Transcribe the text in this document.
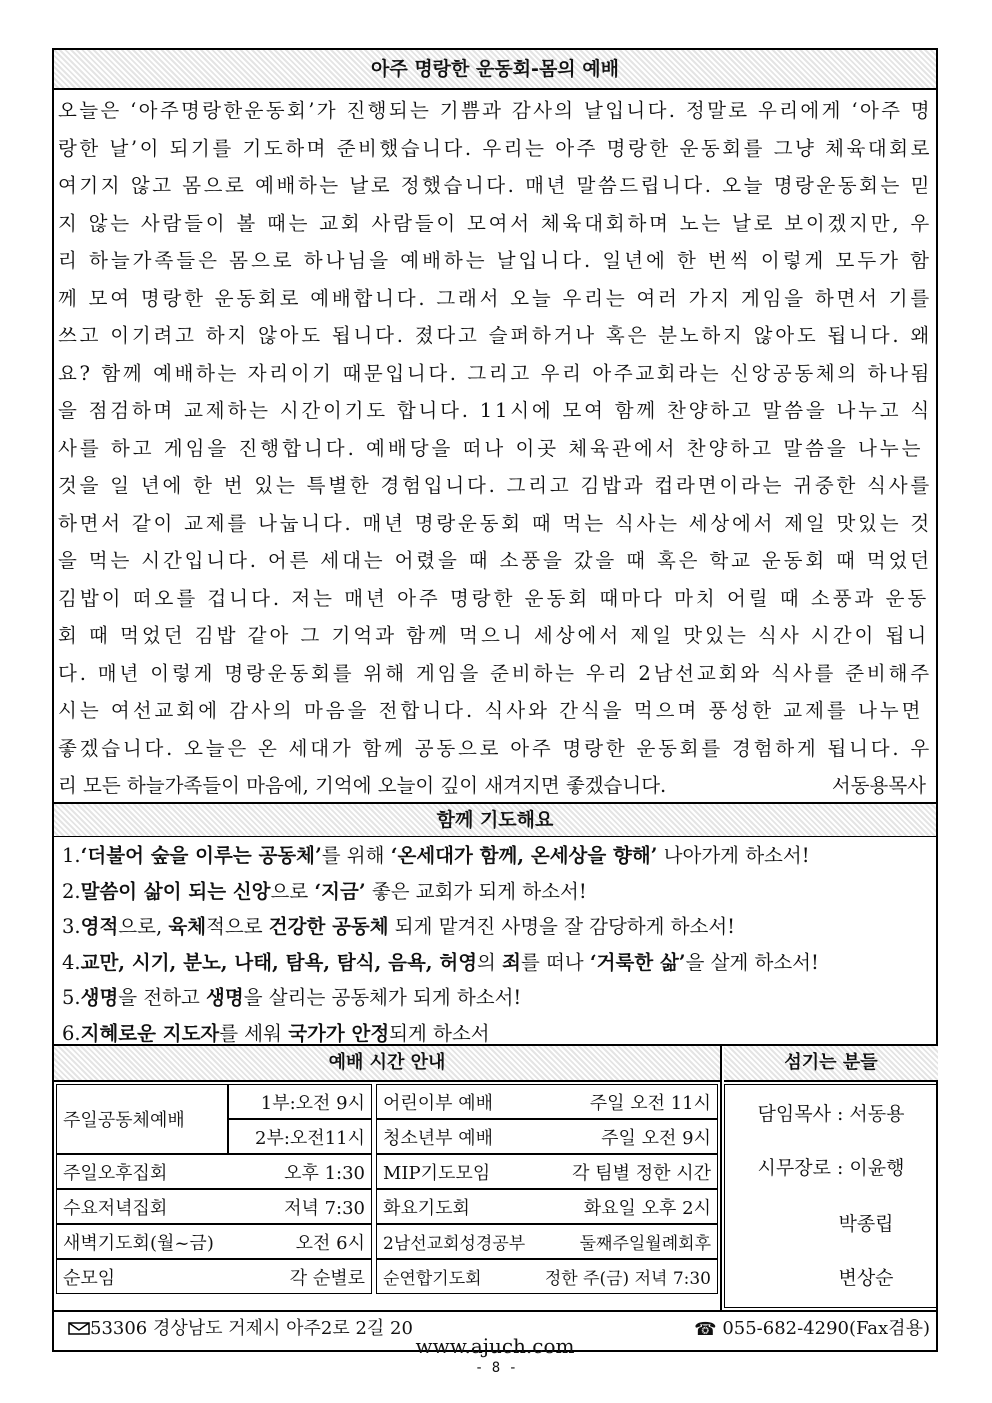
아주 명랑한 운동회-몸의 예배
오늘은 ‘아주명랑한운동회’가 진행되는 기쁨과 감사의 날입니다. 정말로 우리에게 ‘아주 명
랑한 날’이 되기를 기도하며 준비했습니다. 우리는 아주 명랑한 운동회를 그냥 체육대회로
여기지 않고 몸으로 예배하는 날로 정했습니다. 매년 말씀드립니다. 오늘 명랑운동회는 믿
지 않는 사람들이 볼 때는 교회 사람들이 모여서 체육대회하며 노는 날로 보이겠지만, 우
리 하늘가족들은 몸으로 하나님을 예배하는 날입니다. 일년에 한 번씩 이렇게 모두가 함
께 모여 명랑한 운동회로 예배합니다. 그래서 오늘 우리는 여러 가지 게임을 하면서 기를
쓰고 이기려고 하지 않아도 됩니다. 졌다고 슬퍼하거나 혹은 분노하지 않아도 됩니다. 왜
요? 함께 예배하는 자리이기 때문입니다. 그리고 우리 아주교회라는 신앙공동체의 하나됨
을 점검하며 교제하는 시간이기도 합니다. 11시에 모여 함께 찬양하고 말씀을 나누고 식
사를 하고 게임을 진행합니다. 예배당을 떠나 이곳 체육관에서 찬양하고 말씀을 나누는
것을 일 년에 한 번 있는 특별한 경험입니다. 그리고 김밥과 컵라면이라는 귀중한 식사를
하면서 같이 교제를 나눕니다. 매년 명랑운동회 때 먹는 식사는 세상에서 제일 맛있는 것
을 먹는 시간입니다. 어른 세대는 어렸을 때 소풍을 갔을 때 혹은 학교 운동회 때 먹었던
김밥이 떠오를 겁니다. 저는 매년 아주 명랑한 운동회 때마다 마치 어릴 때 소풍과 운동
회 때 먹었던 김밥 같아 그 기억과 함께 먹으니 세상에서 제일 맛있는 식사 시간이 됩니
다. 매년 이렇게 명랑운동회를 위해 게임을 준비하는 우리 2남선교회와 식사를 준비해주
시는 여선교회에 감사의 마음을 전합니다. 식사와 간식을 먹으며 풍성한 교제를 나누면
좋겠습니다. 오늘은 온 세대가 함께 공동으로 아주 명랑한 운동회를 경험하게 됩니다. 우
리 모든 하늘가족들이 마음에, 기억에 오늘이 깊이 새겨지면 좋겠습니다.	서동용목사
함께 기도해요
1.‘더불어 숲을 이루는 공동체’를 위해 ‘온세대가 함께, 온세상을 향해’ 나아가게 하소서!
2.말씀이 삶이 되는 신앙으로 ‘지금’ 좋은 교회가 되게 하소서!
3.영적으로, 육체적으로 건강한 공동체 되게 맡겨진 사명을 잘 감당하게 하소서!
4.교만, 시기, 분노, 나태, 탐욕, 탐식, 음욕, 허영의 죄를 떠나 ‘거룩한 삶’을 살게 하소서!
5.생명을 전하고 생명을 살리는 공동체가 되게 하소서!
6.지혜로운 지도자를 세워 국가가 안정되게 하소서
예배 시간 안내	섬기는 분들
주일공동체예배
1부:오전 9시
2부:오전11시
주일오후집회	오후 1:30
수요저녁집회	저녁 7:30
새벽기도회(월~금)	오전 6시
순모임	각 순별로
어린이부 예배	주일 오전 11시
청소년부 예배	주일 오전 9시
MIP기도모임	각 팀별 정한 시간
화요기도회	화요일 오후 2시
2남선교회성경공부	둘째주일월례회후
순연합기도회	정한 주(금) 저녁 7:30
담임목사 : 서동용
시무장로 : 이윤행
박종립
변상순
53306 경상남도 거제시 아주2로 2길 20	☎ 055-682-4290(Fax겸용)
www.ajuch.com
- 8 -
